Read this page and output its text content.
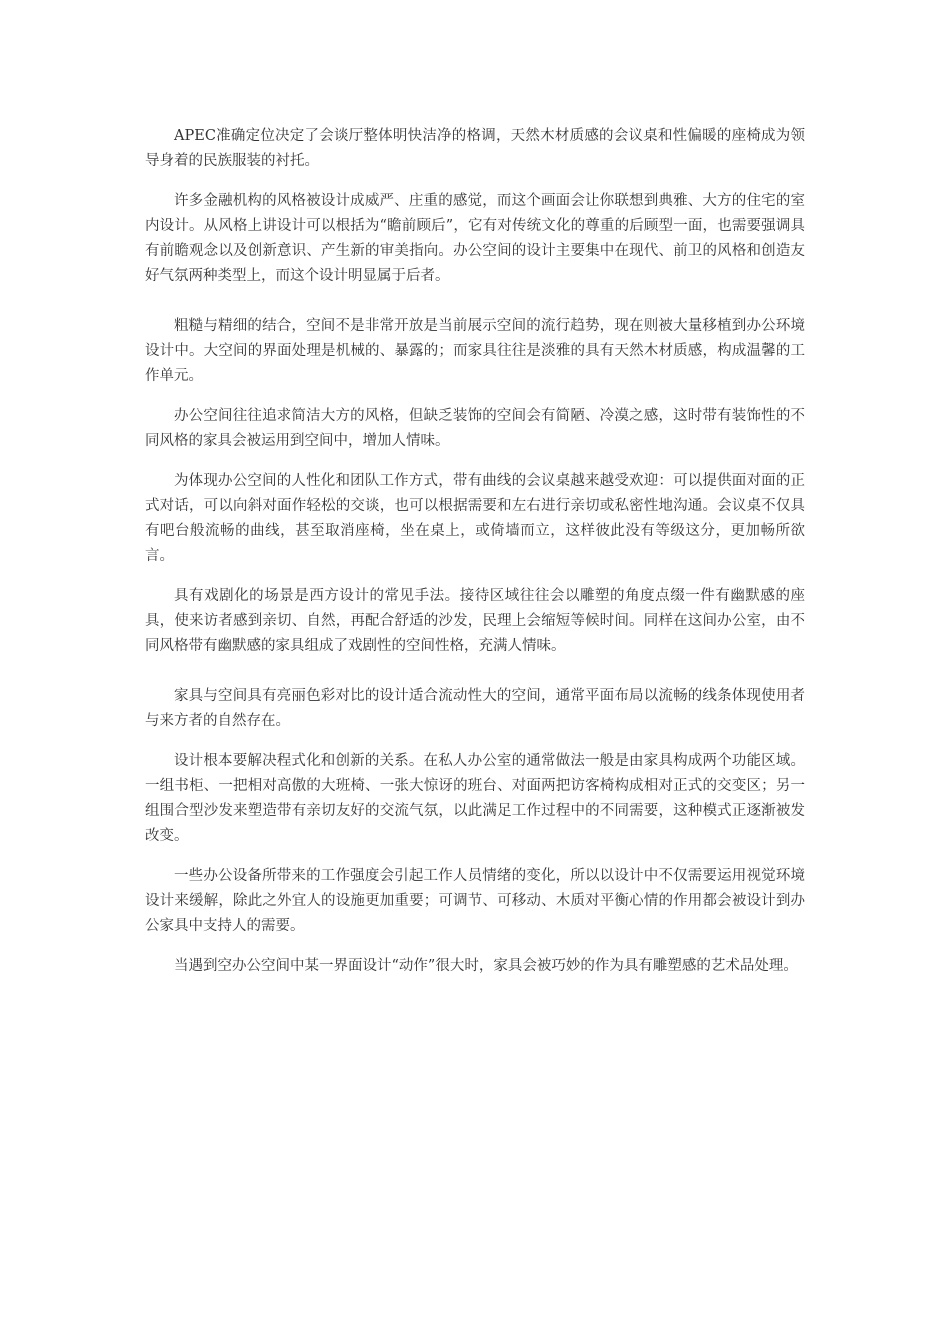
APEC准确定位决定了会谈厅整体明快洁净的格调，天然木材质感的会议桌和性偏暖的座椅成为领导身着的民族服装的衬托。

许多金融机构的风格被设计成威严、庄重的感觉，而这个画面会让你联想到典雅、大方的住宅的室内设计。从风格上讲设计可以根括为“瞻前顾后”，它有对传统文化的尊重的后顾型一面，也需要强调具有前瞻观念以及创新意识、产生新的审美指向。办公空间的设计主要集中在现代、前卫的风格和创造友好气氛两种类型上，而这个设计明显属于后者。

粗糙与精细的结合，空间不是非常开放是当前展示空间的流行趋势，现在则被大量移植到办公环境设计中。大空间的界面处理是机械的、暴露的；而家具往往是淡雅的具有天然木材质感，构成温馨的工作单元。

办公空间往往追求简洁大方的风格，但缺乏装饰的空间会有简陋、冷漠之感，这时带有装饰性的不同风格的家具会被运用到空间中，增加人情味。

为体现办公空间的人性化和团队工作方式，带有曲线的会议桌越来越受欢迎：可以提供面对面的正式对话，可以向斜对面作轻松的交谈，也可以根据需要和左右进行亲切或私密性地沟通。会议桌不仅具有吧台般流畅的曲线，甚至取消座椅，坐在桌上，或倚墙而立，这样彼此没有等级这分，更加畅所欲言。

具有戏剧化的场景是西方设计的常见手法。接待区域往往会以雕塑的角度点缀一件有幽默感的座具，使来访者感到亲切、自然，再配合舒适的沙发，民理上会缩短等候时间。同样在这间办公室，由不同风格带有幽默感的家具组成了戏剧性的空间性格，充满人情味。

家具与空间具有亮丽色彩对比的设计适合流动性大的空间，通常平面布局以流畅的线条体现使用者与来方者的自然存在。

设计根本要解决程式化和创新的关系。在私人办公室的通常做法一般是由家具构成两个功能区域。一组书柜、一把相对高傲的大班椅、一张大惊讶的班台、对面两把访客椅构成相对正式的交变区；另一组围合型沙发来塑造带有亲切友好的交流气氛，以此满足工作过程中的不同需要，这种模式正逐渐被发改变。

一些办公设备所带来的工作强度会引起工作人员情绪的变化，所以以设计中不仅需要运用视觉环境设计来缓解，除此之外宜人的设施更加重要；可调节、可移动、木质对平衡心情的作用都会被设计到办公家具中支持人的需要。

当遇到空办公空间中某一界面设计“动作”很大时，家具会被巧妙的作为具有雕塑感的艺术品处理。
